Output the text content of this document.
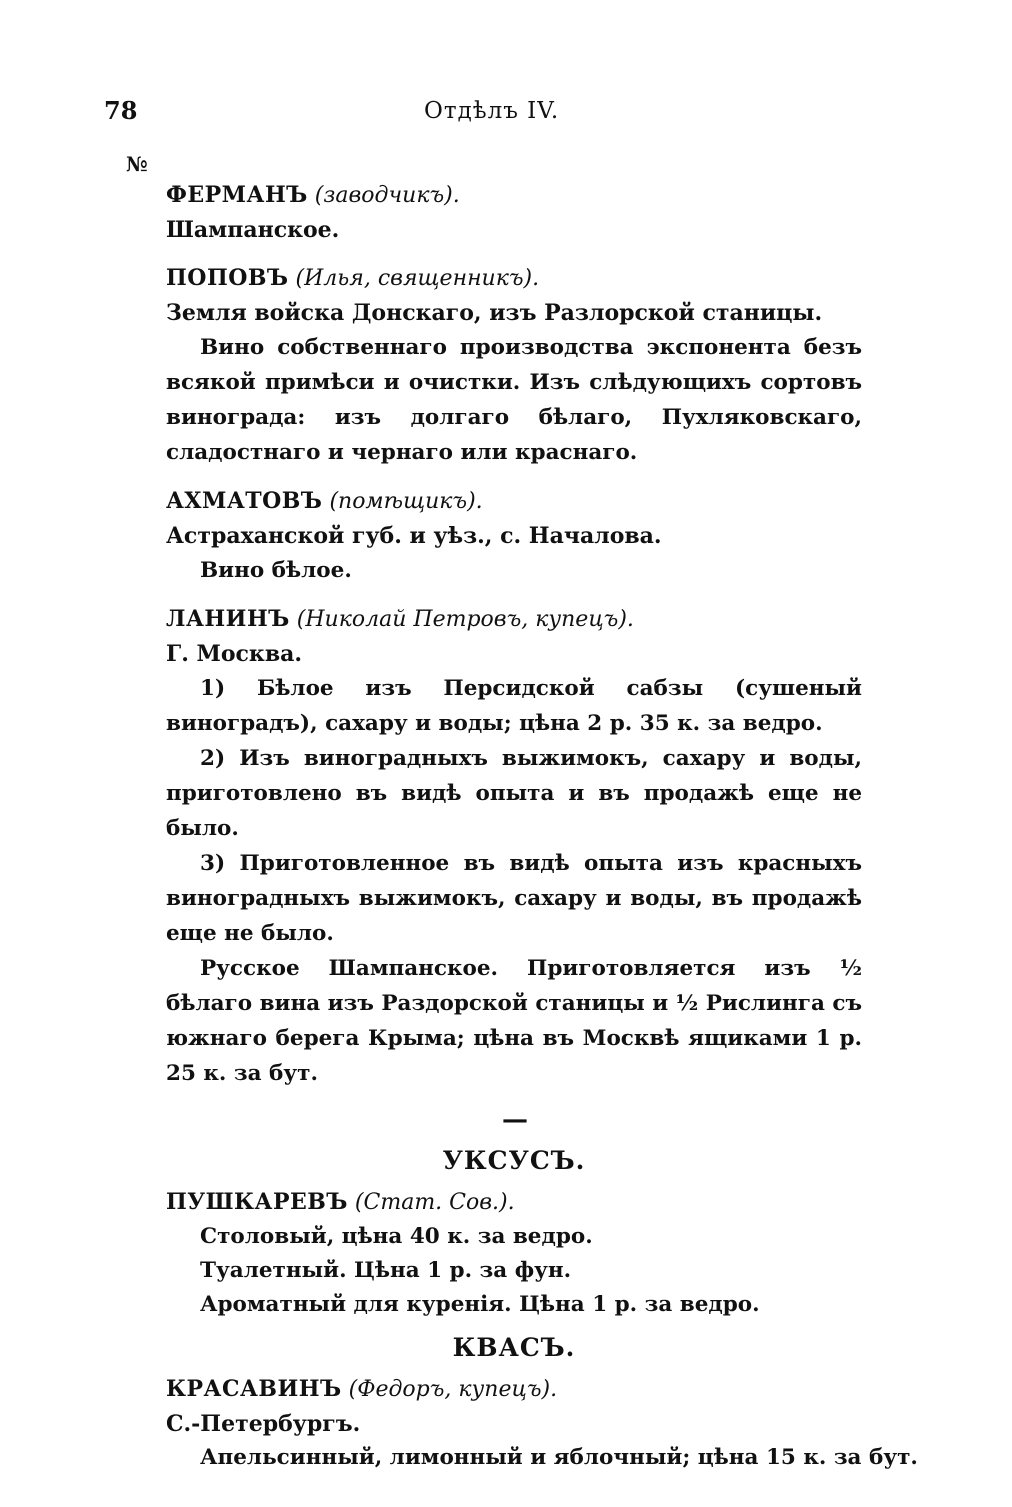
78	Отдѣлъ IV.
№
ФЕРМАНЪ (заводчикъ).
Шампанское.
ПОПОВЪ (Илья, священникъ).
Земля войска Донскаго, изъ Разлорской станицы.

Вино собственнаго производства экспонента безъ всякой примѣси и очистки. Изъ слѣдующихъ сортовъ винограда: изъ долгаго бѣлаго, Пухляковскаго, сладостнаго и чернаго или краснаго.

АХМАТОВЪ (помѣщикъ).
Астраханской губ. и уѣз., с. Началова.

Вино бѣлое.

ЛАНИНЪ (Николай Петровъ, купецъ).
Г. Москва.

1) Бѣлое изъ Персидской сабзы (сушеный виноградъ), сахару и воды; цѣна 2 р. 35 к. за ведро.

2) Изъ виноградныхъ выжимокъ, сахару и воды, приготовлено въ видѣ опыта и въ продажѣ еще не было.

3) Приготовленное въ видѣ опыта изъ красныхъ виноградныхъ выжимокъ, сахару и воды, въ продажѣ еще не было.

Русское Шампанское. Приготовляется изъ ½ бѣлаго вина изъ Раздорской станицы и ½ Рислинга съ южнаго берега Крыма; цѣна въ Москвѣ ящиками 1 р. 25 к. за бут.

—
УКСУСЪ.
ПУШКАРЕВЪ (Стат. Сов.).
Столовый, цѣна 40 к. за ведро.
Туалетный. Цѣна 1 р. за фун.
Ароматный для куренія. Цѣна 1 р. за ведро.
КВАСЪ.
КРАСАВИНЪ (Федоръ, купецъ).
С.-Петербургъ.
Апельсинный, лимонный и яблочный; цѣна 15 к. за бут.
